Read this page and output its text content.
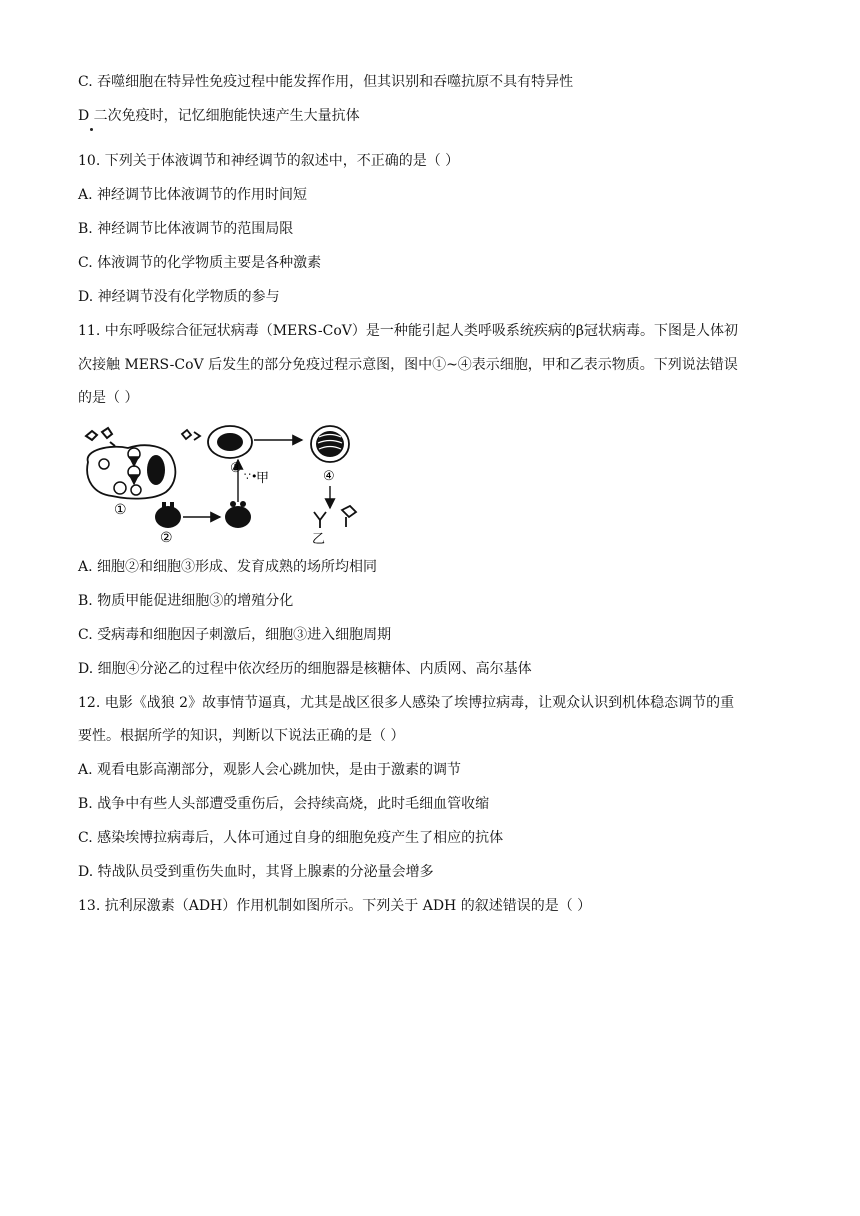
C. 吞噬细胞在特异性免疫过程中能发挥作用，但其识别和吞噬抗原不具有特异性
D 二次免疫时，记忆细胞能快速产生大量抗体
10. 下列关于体液调节和神经调节的叙述中，不正确的是（ ）
A. 神经调节比体液调节的作用时间短
B. 神经调节比体液调节的范围局限
C. 体液调节的化学物质主要是各种激素
D. 神经调节没有化学物质的参与
11. 中东呼吸综合征冠状病毒（MERS-CoV）是一种能引起人类呼吸系统疾病的β冠状病毒。下图是人体初
次接触 MERS-CoV 后发生的部分免疫过程示意图，图中①~④表示细胞，甲和乙表示物质。下列说法错误
的是（ ）
①
②
∵•
甲
③
④
乙
A. 细胞②和细胞③形成、发育成熟的场所均相同
B. 物质甲能促进细胞③的增殖分化
C. 受病毒和细胞因子刺激后，细胞③进入细胞周期
D. 细胞④分泌乙的过程中依次经历的细胞器是核糖体、内质网、高尔基体
12. 电影《战狼 2》故事情节逼真，尤其是战区很多人感染了埃博拉病毒，让观众认识到机体稳态调节的重
要性。根据所学的知识，判断以下说法正确的是（ ）
A. 观看电影高潮部分，观影人会心跳加快，是由于激素的调节
B. 战争中有些人头部遭受重伤后，会持续高烧，此时毛细血管收缩
C. 感染埃博拉病毒后，人体可通过自身的细胞免疫产生了相应的抗体
D. 特战队员受到重伤失血时，其肾上腺素的分泌量会增多
13. 抗利尿激素（ADH）作用机制如图所示。下列关于 ADH 的叙述错误的是（ ）
